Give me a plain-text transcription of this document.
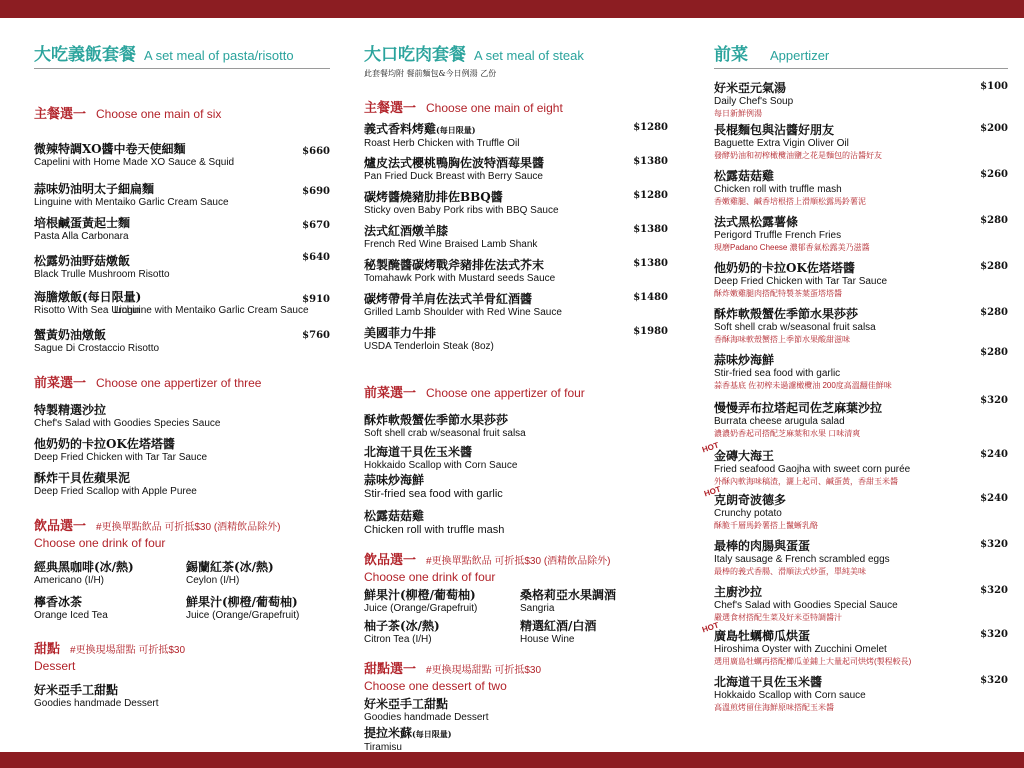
大吃義飯套餐 A set meal of pasta/risotto
主餐選一 Choose one main of six
微辣特調XO醬中卷天使細麵
Capelini with Home Made XO Sauce & Squid
$660
蒜味奶油明太子細扁麵
Linguine with Mentaiko Garlic Cream Sauce
$690
培根鹹蛋黃起士麵
Pasta Alla Carbonara
$670
松露奶油野菇燉飯
Black Trulle Mushroom Risotto
$640
海膽燉飯(每日限量)
Risotto With Sea Urchin
Linguine with Mentaiko Garlic Cream Sauce
$910
蟹黃奶油燉飯
Sague Di Crostaccio Risotto
$760
前菜選一 Choose one appertizer of three
特製精選沙拉
Chef's Salad with Goodies Species Sauce
他奶奶的卡拉OK佐塔塔醬
Deep Fried Chicken with Tar Tar Sauce
酥炸干貝佐蘋果泥
Deep Fried Scallop with Apple Puree
飲品選一 #更換單點飲品 可折抵$30 (酒精飲品除外)
Choose one drink of four
經典黑咖啡(冰/熱)
Americano (I/H)
錫蘭紅茶(冰/熱)
Ceylon (I/H)
檸香冰茶
Orange Iced Tea
鮮果汁(柳橙/葡萄柚)
Juice (Orange/Grapefruit)
甜點 #更換現場甜點 可折抵$30
Dessert
好米亞手工甜點
Goodies handmade Dessert
大口吃肉套餐 A set meal of steak
此套餐均附 餐前麵包&今日例湯 乙份
主餐選一 Choose one main of eight
義式香料烤雞(每日限量)
Roast Herb Chicken with Truffle Oil
$1280
爐皮法式櫻桃鴨胸佐波特酒莓果醬
Pan Fried Duck Breast with Berry Sauce
$1380
碳烤醬燒豬肋排佐BBQ醬
Sticky oven Baby Pork ribs with BBQ Sauce
$1280
法式紅酒燉羊膝
French Red Wine Braised Lamb Shank
$1380
秘製醃醬碳烤戰斧豬排佐法式芥末
Tomahawk Pork with Mustard seeds Sauce
$1380
碳烤帶骨羊肩佐法式羊骨紅酒醬
Grilled Lamb Shoulder with Red Wine Sauce
$1480
美國菲力牛排
USDA Tenderloin Steak (8oz)
$1980
前菜選一 Choose one appertizer of four
酥炸軟殼蟹佐季節水果莎莎
Soft shell crab w/seasonal fruit salsa
北海道干貝佐玉米醬
Hokkaido Scallop with Corn Sauce
蒜味炒海鮮
Stir-fried sea food with garlic
松露菇菇雞
Chicken roll with truffle mash
飲品選一 #更換單點飲品 可折抵$30 (酒精飲品除外)
Choose one drink of four
鮮果汁(柳橙/葡萄柚)
Juice (Orange/Grapefruit)
桑格莉亞水果調酒
Sangria
柚子茶(冰/熱)
Citron Tea (I/H)
精選紅酒/白酒
House Wine
甜點選一 #更換現場甜點 可折抵$30
Choose one dessert of two
好米亞手工甜點
Goodies handmade Dessert
提拉米蘇(每日限量)
Tiramisu
前菜 Appertizer
好米亞元氣湯
Daily Chef's Soup
每日新鮮例湯
$100
長棍麵包與沾醬好朋友
Baguette Extra Vigin Oliver Oil
發酵奶油和初榨橄欖油鹽之花是麵包的沾醬好友
$200
松露菇菇雞
Chicken roll with truffle mash
香嫩雞腿、鹹香培根搭上滑順松露馬鈴薯泥
$260
法式黑松露薯條
Perigord Truffle French Fries
現磨Padano Cheese 濃郁香氣松露美乃滋醬
$280
他奶奶的卡拉OK佐塔塔醬
Deep Fried Chicken with Tar Tar Sauce
酥炸嫩雞腿肉搭配特製茶葉蛋塔塔醬
$280
酥炸軟殼蟹佐季節水果莎莎
Soft shell crab w/seasonal fruit salsa
香酥海味軟殼蟹搭上季節水果酸甜滋味
$280
蒜味炒海鮮
Stir-fried sea food with garlic
蒜香基底 佐初榨未過濾橄欖油 200度高溫翻佳鮮味
$280
慢慢弄布拉塔起司佐芝麻葉沙拉
Burrata cheese arugula salad
濃濃奶香起司搭配芝麻葉和水果 口味清爽
$320
HOT
金磚大海王
Fried seafood Gaojha with sweet corn purée
外酥內軟海味稿渣，灑上起司、鹹蛋黃，香甜玉米醬
$240
HOT
克朗奇波德多
Crunchy potato
酥脆千層馬鈴薯搭上鬣蜥乳酪
$240
最棒的肉腸與蛋蛋
Italy sausage & French scrambled eggs
最棒的義式香腸、滑順法式炒蛋，單純美味
$320
主廚沙拉
Chef's Salad with Goodies Special Sauce
嚴選食材搭配生菜及好米亞特調醬汁
$320
HOT
廣島牡蠣櫛瓜烘蛋
Hiroshima Oyster with Zucchini Omelet
選用廣島牡蠣再搭配櫛瓜並鋪上大量起司烘烤(製程較長)
$320
北海道干貝佐玉米醬
Hokkaido Scallop with Corn sauce
高溫煎烤留住海鮮原味搭配玉米醬
$320
